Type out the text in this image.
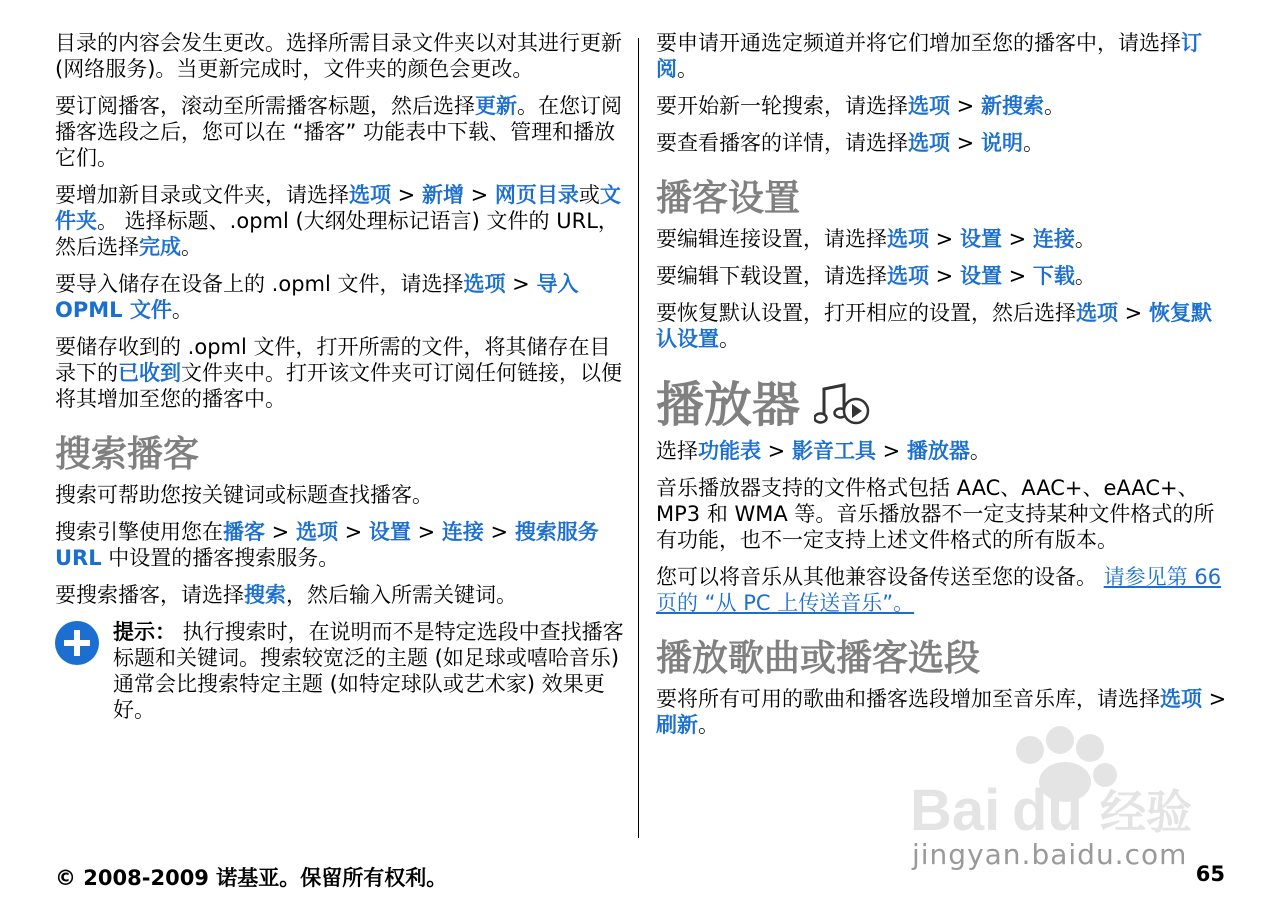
目录的内容会发生更改。选择所需目录文件夹以对其进行更新 (网络服务)。当更新完成时，文件夹的颜色会更改。

要订阅播客，滚动至所需播客标题，然后选择更新。在您订阅播客选段之后，您可以在 “播客” 功能表中下载、管理和播放它们。

要增加新目录或文件夹，请选择选项 > 新增 > 网页目录或文件夹。 选择标题、.opml (大纲处理标记语言) 文件的 URL，然后选择完成。

要导入储存在设备上的 .opml 文件，请选择选项 > 导入 OPML 文件。

要储存收到的 .opml 文件，打开所需的文件，将其储存在目录下的已收到文件夹中。打开该文件夹可订阅任何链接，以便将其增加至您的播客中。

搜索播客

搜索可帮助您按关键词或标题查找播客。

搜索引擎使用您在播客 > 选项 > 设置 > 连接 > 搜索服务 URL 中设置的播客搜索服务。

要搜索播客，请选择搜索，然后输入所需关键词。

提示： 执行搜索时，在说明而不是特定选段中查找播客标题和关键词。搜索较宽泛的主题 (如足球或嘻哈音乐) 通常会比搜索特定主题 (如特定球队或艺术家) 效果更好。

要申请开通选定频道并将它们增加至您的播客中，请选择订阅。

要开始新一轮搜索，请选择选项 > 新搜索。

要查看播客的详情，请选择选项 > 说明。

播客设置

要编辑连接设置，请选择选项 > 设置 > 连接。

要编辑下载设置，请选择选项 > 设置 > 下载。

要恢复默认设置，打开相应的设置，然后选择选项 > 恢复默认设置。

播放器

选择功能表 > 影音工具 > 播放器。

音乐播放器支持的文件格式包括 AAC、AAC+、eAAC+、MP3 和 WMA 等。音乐播放器不一定支持某种文件格式的所有功能，也不一定支持上述文件格式的所有版本。

您可以将音乐从其他兼容设备传送至您的设备。 请参见第 66 页的 “从 PC 上传送音乐”。

播放歌曲或播客选段

要将所有可用的歌曲和播客选段增加至音乐库，请选择选项 > 刷新。

Bai du 经验
jingyan.baidu.com
© 2008-2009 诺基亚。保留所有权利。	65
